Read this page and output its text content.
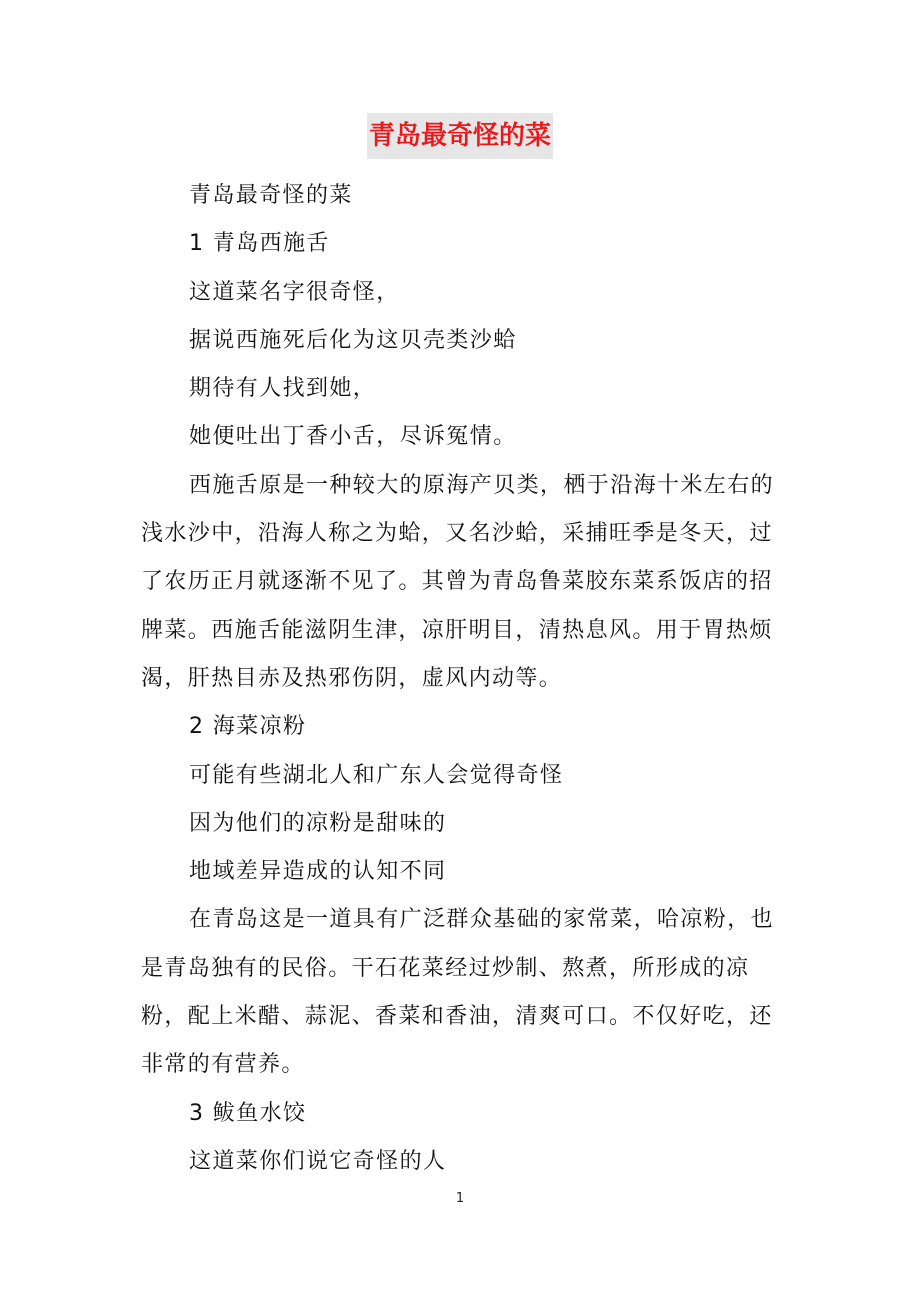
青岛最奇怪的菜

青岛最奇怪的菜

1 青岛西施舌

这道菜名字很奇怪，

据说西施死后化为这贝壳类沙蛤

期待有人找到她，

她便吐出丁香小舌，尽诉冤情。

西施舌原是一种较大的原海产贝类，栖于沿海十米左右的浅水沙中，沿海人称之为蛤，又名沙蛤，采捕旺季是冬天，过了农历正月就逐渐不见了。其曾为青岛鲁菜胶东菜系饭店的招牌菜。西施舌能滋阴生津，凉肝明目，清热息风。用于胃热烦渴，肝热目赤及热邪伤阴，虚风内动等。

2 海菜凉粉

可能有些湖北人和广东人会觉得奇怪

因为他们的凉粉是甜味的

地域差异造成的认知不同

在青岛这是一道具有广泛群众基础的家常菜，哈凉粉，也是青岛独有的民俗。干石花菜经过炒制、熬煮，所形成的凉粉，配上米醋、蒜泥、香菜和香油，清爽可口。不仅好吃，还非常的有营养。

3 鲅鱼水饺

这道菜你们说它奇怪的人

1
